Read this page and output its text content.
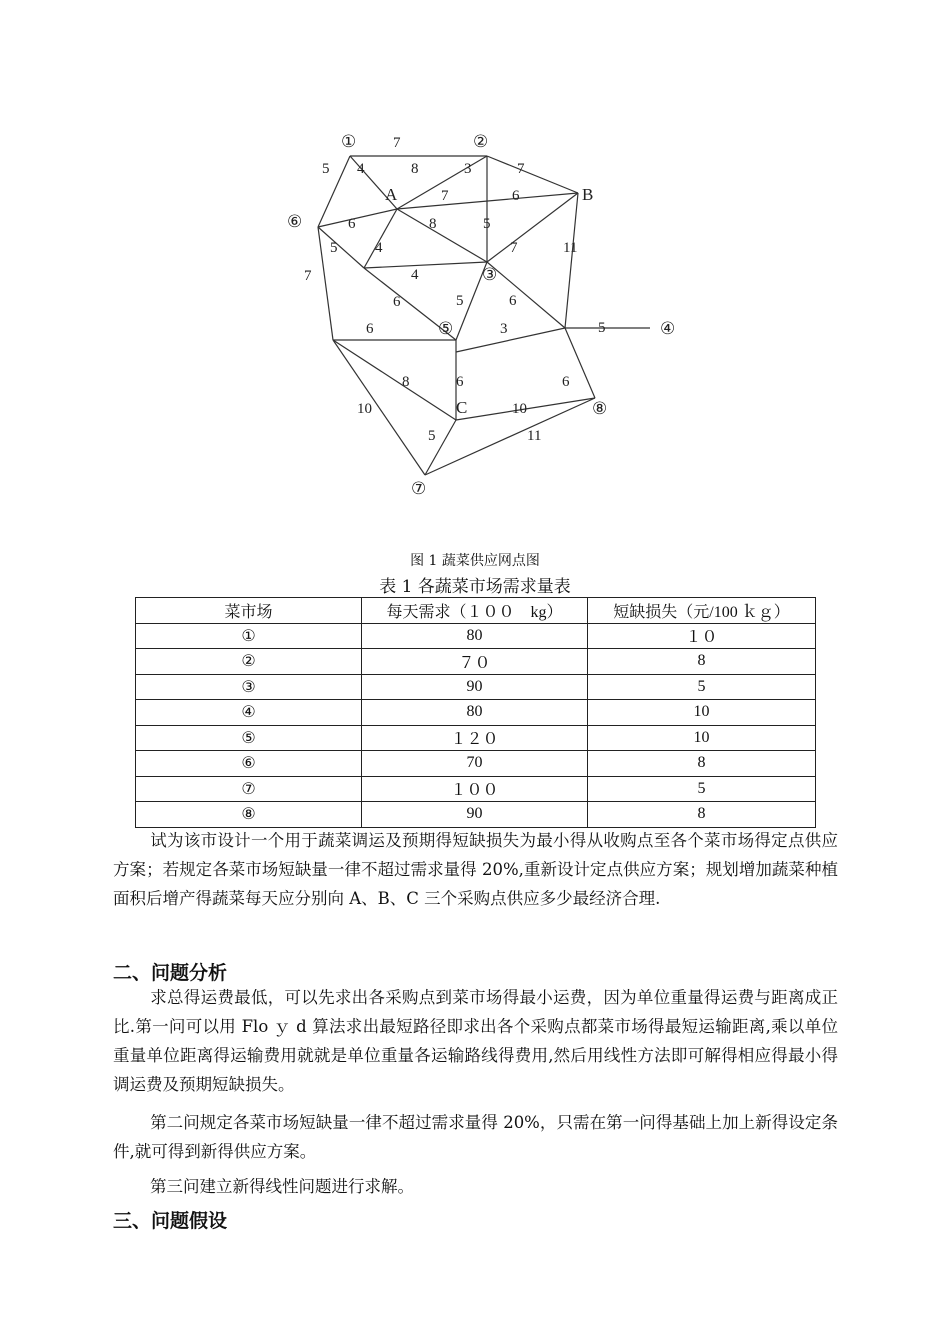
7
5 4	8	3	7
7	6
6	8	5
5	4	7	11
4
7
5	6
6	3	5
6
8	6
6
10	10
5	11
①	②
③
④
⑤
⑥
⑦
⑧
A	B
C
图 1 蔬菜供应网点图
表 1 各蔬菜市场需求量表
菜市场	每天需求（１００　kg）	短缺损失（元/100 ｋｇ）
①	80	１０
②	７０	8
③	90	5
④	80	10
⑤	１２０	10
⑥	70	8
⑦	１００	5
⑧	90	8

试为该市设计一个用于蔬菜调运及预期得短缺损失为最小得从收购点至各个菜市场得定点供应方案；若规定各菜市场短缺量一律不超过需求量得 20%,重新设计定点供应方案；规划增加蔬菜种植面积后增产得蔬菜每天应分别向 A、B、C 三个采购点供应多少最经济合理.

二、问题分析

求总得运费最低，可以先求出各采购点到菜市场得最小运费，因为单位重量得运费与距离成正比.第一问可以用 Flo ｙ d 算法求出最短路径即求出各个采购点都菜市场得最短运输距离,乘以单位重量单位距离得运输费用就就是单位重量各运输路线得费用,然后用线性方法即可解得相应得最小得调运费及预期短缺损失。

第二问规定各菜市场短缺量一律不超过需求量得 20%，只需在第一问得基础上加上新得设定条件,就可得到新得供应方案。

第三问建立新得线性问题进行求解。

三、问题假设
